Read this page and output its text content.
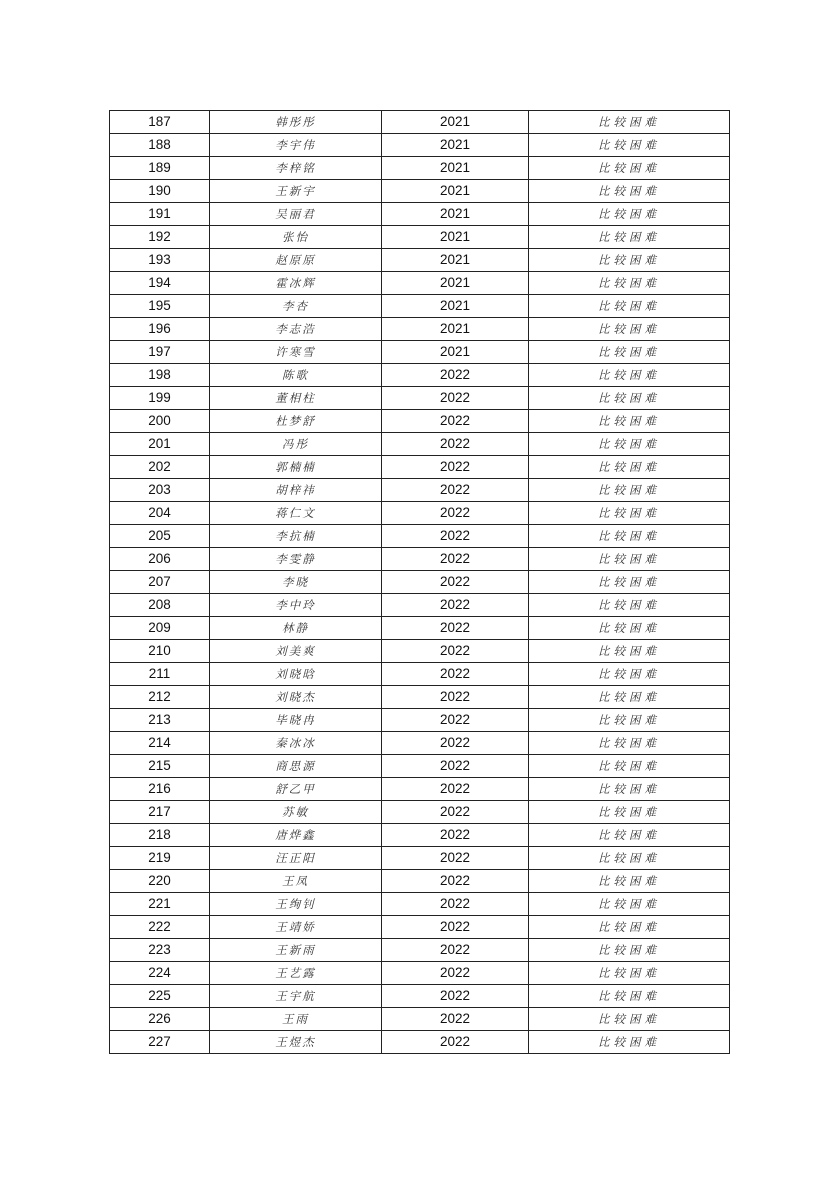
187	韩彤彤	2021	比较困难
188	李宇伟	2021	比较困难
189	李梓铭	2021	比较困难
190	王新宇	2021	比较困难
191	吴丽君	2021	比较困难
192	张怡	2021	比较困难
193	赵原原	2021	比较困难
194	霍冰辉	2021	比较困难
195	李杏	2021	比较困难
196	李志浩	2021	比较困难
197	许寒雪	2021	比较困难
198	陈歌	2022	比较困难
199	董相柱	2022	比较困难
200	杜梦舒	2022	比较困难
201	冯彤	2022	比较困难
202	郭楠楠	2022	比较困难
203	胡梓祎	2022	比较困难
204	蒋仁文	2022	比较困难
205	李抗楠	2022	比较困难
206	李雯静	2022	比较困难
207	李晓	2022	比较困难
208	李中玲	2022	比较困难
209	林静	2022	比较困难
210	刘美爽	2022	比较困难
211	刘晓晗	2022	比较困难
212	刘晓杰	2022	比较困难
213	毕晓冉	2022	比较困难
214	秦冰冰	2022	比较困难
215	商思源	2022	比较困难
216	舒乙甲	2022	比较困难
217	苏敏	2022	比较困难
218	唐烨鑫	2022	比较困难
219	汪正阳	2022	比较困难
220	王凤	2022	比较困难
221	王绚钊	2022	比较困难
222	王靖娇	2022	比较困难
223	王新雨	2022	比较困难
224	王艺露	2022	比较困难
225	王宇航	2022	比较困难
226	王雨	2022	比较困难
227	王煜杰	2022	比较困难
